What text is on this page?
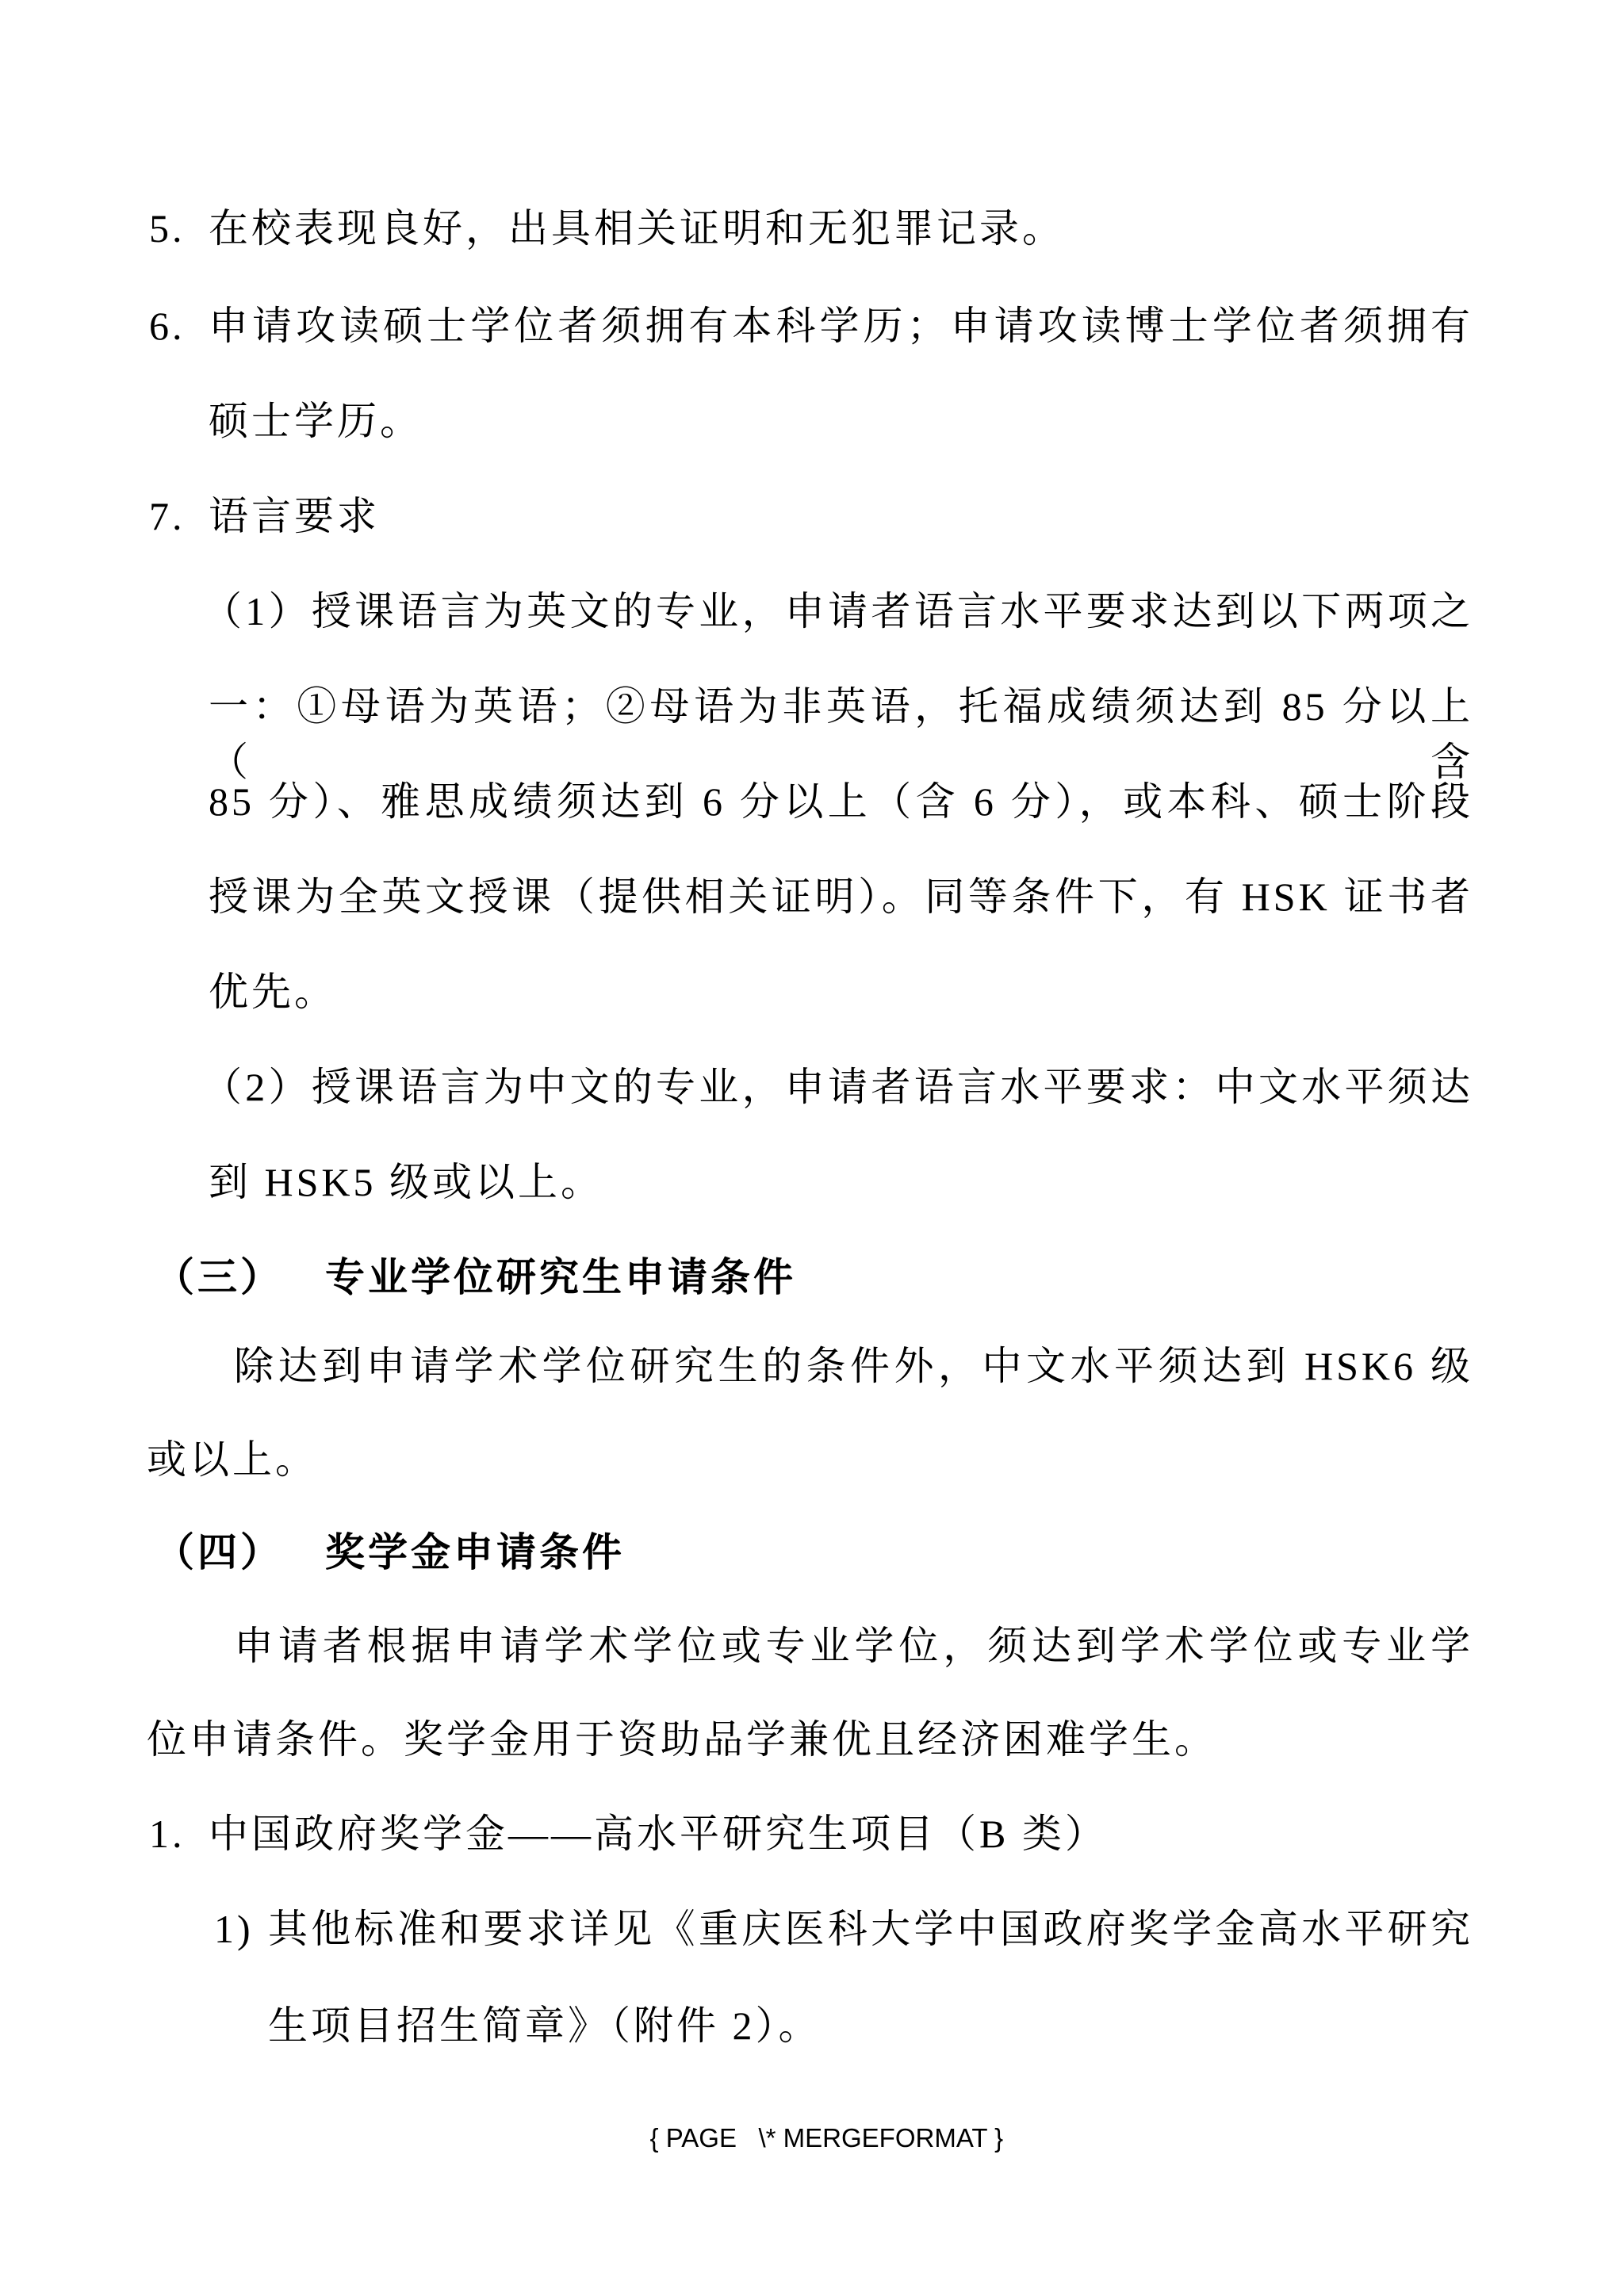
5. 在校表现良好，出具相关证明和无犯罪记录。
6. 申请攻读硕士学位者须拥有本科学历；申请攻读博士学位者须拥有
硕士学历。
7. 语言要求
（1）授课语言为英文的专业，申请者语言水平要求达到以下两项之
一：①母语为英语；②母语为非英语，托福成绩须达到 85 分以上（含
85 分）、雅思成绩须达到 6 分以上（含 6 分），或本科、硕士阶段
授课为全英文授课（提供相关证明）。同等条件下，有 HSK 证书者
优先。
（2）授课语言为中文的专业，申请者语言水平要求：中文水平须达
到 HSK5 级或以上。
（三） 专业学位研究生申请条件
除达到申请学术学位研究生的条件外，中文水平须达到 HSK6 级
或以上。
（四） 奖学金申请条件
申请者根据申请学术学位或专业学位，须达到学术学位或专业学
位申请条件。奖学金用于资助品学兼优且经济困难学生。
1. 中国政府奖学金——高水平研究生项目（B 类）
1) 其他标准和要求详见《重庆医科大学中国政府奖学金高水平研究
生项目招生简章》（附件 2）。

{ PAGE   \* MERGEFORMAT }
